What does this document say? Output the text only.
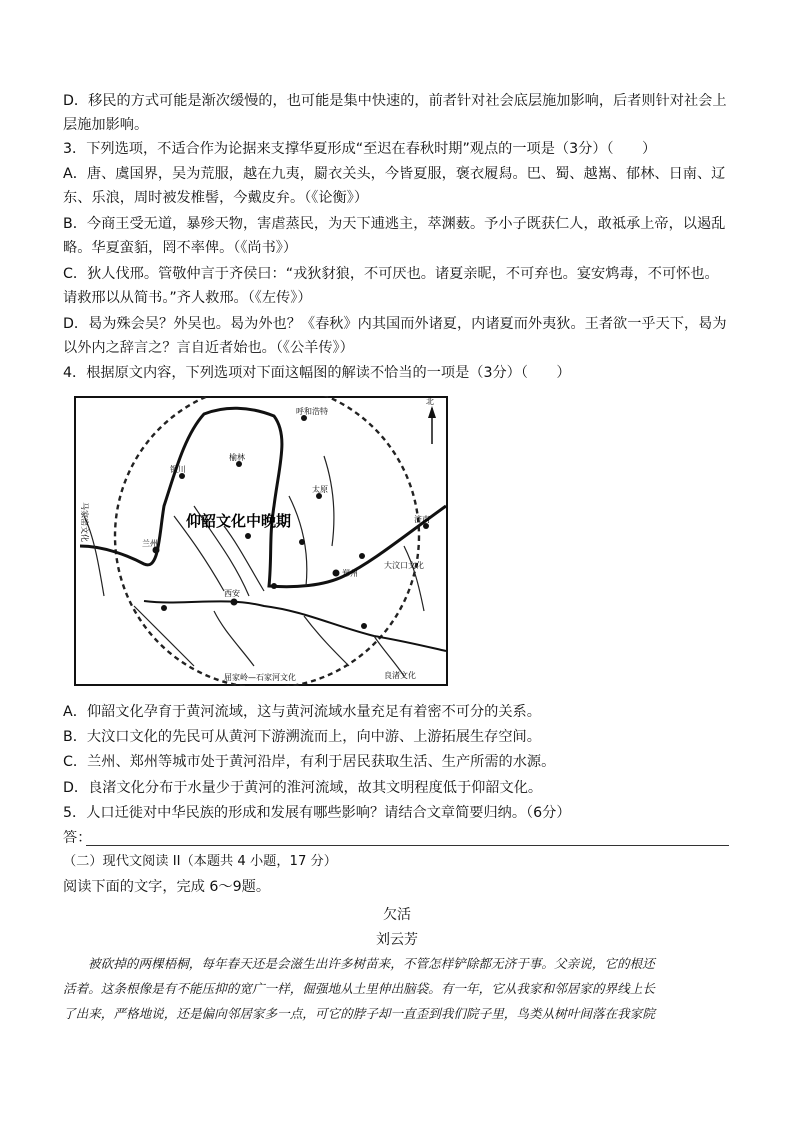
D．移民的方式可能是渐次缓慢的，也可能是集中快速的，前者针对社会底层施加影响，后者则针对社会上
层施加影响。
3．下列选项，不适合作为论据来支撑华夏形成“至迟在春秋时期”观点的一项是（3分）（　　）
A．唐、虞国界，吴为荒服，越在九夷，罽衣关头，今皆夏服，褒衣履舄。巴、蜀、越嶲、郁林、日南、辽
东、乐浪，周时被发椎髻，今戴皮弁。（《论衡》）
B．今商王受无道，暴殄天物，害虐蒸民，为天下逋逃主，萃渊薮。予小子既获仁人，敢祗承上帝，以遏乱
略。华夏蛮貊，罔不率俾。（《尚书》）
C．狄人伐邢。管敬仲言于齐侯曰：“戎狄豺狼，不可厌也。诸夏亲昵，不可弃也。宴安鸩毒，不可怀也。
请救邢以从简书。”齐人救邢。（《左传》）
D．曷为殊会吴？外吴也。曷为外也？《春秋》内其国而外诸夏，内诸夏而外夷狄。王者欲一乎天下，曷为
以外内之辞言之？言自近者始也。（《公羊传》）
4．根据原文内容，下列选项对下面这幅图的解读不恰当的一项是（3分）（　　）
北
仰韶文化中晚期
兰州
西安
郑州
银川
榆林
太原
济南
呼和浩特
大汶口文化
良渚文化
屈家岭—石家河文化
马家窑文化
A．仰韶文化孕育于黄河流域，这与黄河流域水量充足有着密不可分的关系。
B．大汶口文化的先民可从黄河下游溯流而上，向中游、上游拓展生存空间。
C．兰州、郑州等城市处于黄河沿岸，有利于居民获取生活、生产所需的水源。
D．良渚文化分布于水量少于黄河的淮河流域，故其文明程度低于仰韶文化。
5．人口迁徙对中华民族的形成和发展有哪些影响？请结合文章简要归纳。（6分）
答：
（二）现代文阅读 II（本题共 4 小题，17 分）
阅读下面的文字，完成 6～9题。
欠活
刘云芳
被砍掉的两棵梧桐，每年春天还是会滋生出许多树苗来，不管怎样铲除都无济于事。父亲说，它的根还
活着。这条根像是有不能压抑的宽广一样，倔强地从土里伸出脑袋。有一年，它从我家和邻居家的界线上长
了出来，严格地说，还是偏向邻居家多一点，可它的脖子却一直歪到我们院子里，鸟类从树叶间落在我家院
